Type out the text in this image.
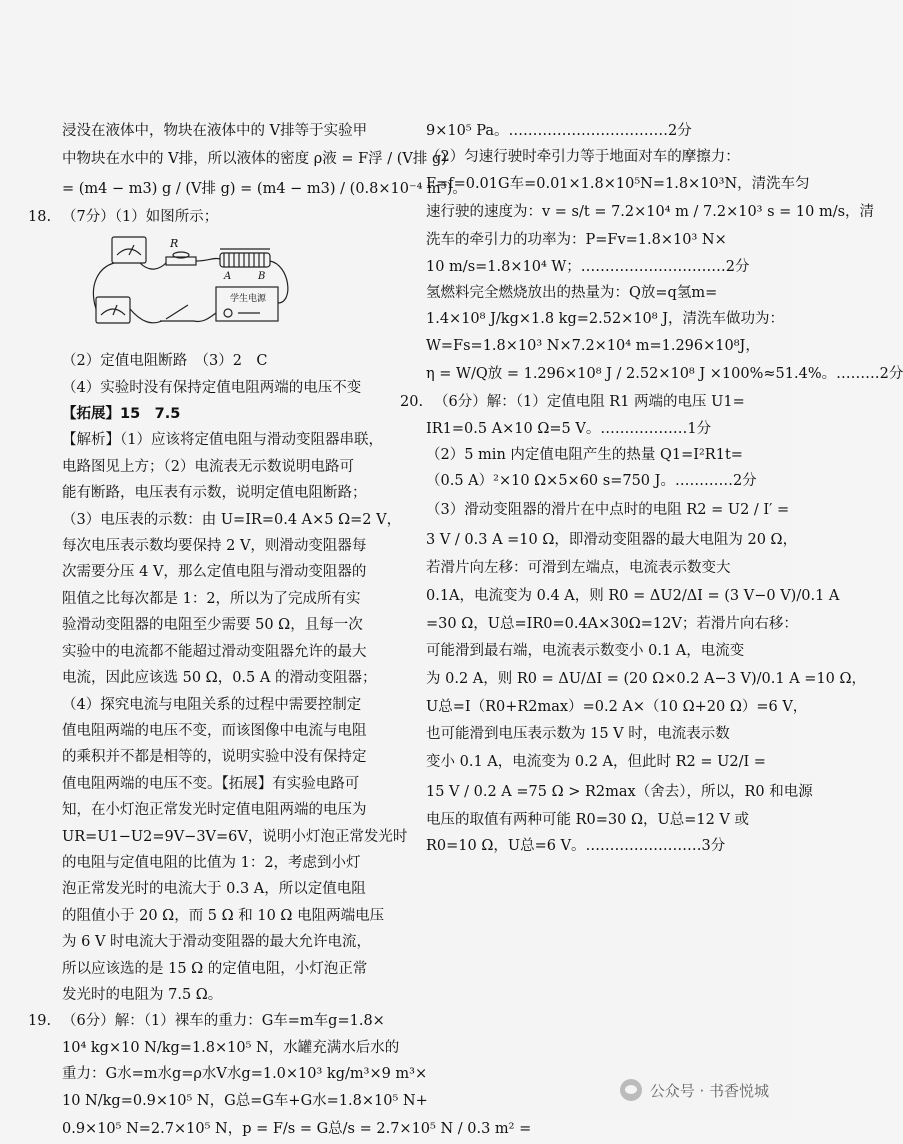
浸没在液体中，物块在液体中的 V排等于实验甲
中物块在水中的 V排，所以液体的密度 ρ液 = F浮 / (V排 g)
= (m4 − m3) g / (V排 g) = (m4 − m3) / (0.8×10⁻⁴ m³)。
18. （7分）（1）如图所示；
R
A	B
学生电源
（2）定值电阻断路　（3）2　C
（4）实验时没有保持定值电阻两端的电压不变
【拓展】15　7.5
【解析】（1）应该将定值电阻与滑动变阻器串联，
电路图见上方；（2）电流表无示数说明电路可
能有断路，电压表有示数，说明定值电阻断路；
（3）电压表的示数：由 U=IR=0.4 A×5 Ω=2 V，
每次电压表示数均要保持 2 V，则滑动变阻器每
次需要分压 4 V，那么定值电阻与滑动变阻器的
阻值之比每次都是 1：2，所以为了完成所有实
验滑动变阻器的电阻至少需要 50 Ω，且每一次
实验中的电流都不能超过滑动变阻器允许的最大
电流，因此应该选 50 Ω，0.5 A 的滑动变阻器；
（4）探究电流与电阻关系的过程中需要控制定
值电阻两端的电压不变，而该图像中电流与电阻
的乘积并不都是相等的，说明实验中没有保持定
值电阻两端的电压不变。【拓展】有实验电路可
知，在小灯泡正常发光时定值电阻两端的电压为
UR=U1−U2=9V−3V=6V，说明小灯泡正常发光时
的电阻与定值电阻的比值为 1：2，考虑到小灯
泡正常发光时的电流大于 0.3 A，所以定值电阻
的阻值小于 20 Ω，而 5 Ω 和 10 Ω 电阻两端电压
为 6 V 时电流大于滑动变阻器的最大允许电流，
所以应该选的是 15 Ω 的定值电阻，小灯泡正常
发光时的电阻为 7.5 Ω。
19. （6分）解：（1）裸车的重力：G车=m车g=1.8×
10⁴ kg×10 N/kg=1.8×10⁵ N，水罐充满水后水的
重力：G水=m水g=ρ水V水g=1.0×10³ kg/m³×9 m³×
10 N/kg=0.9×10⁵ N，G总=G车+G水=1.8×10⁵ N+
0.9×10⁵ N=2.7×10⁵ N，p = F/s = G总/s = 2.7×10⁵ N / 0.3 m² =
9×10⁵ Pa。……………………………2分
（2）匀速行驶时牵引力等于地面对车的摩擦力：
F=f=0.01G车=0.01×1.8×10⁵N=1.8×10³N，清洗车匀
速行驶的速度为：v = s/t = 7.2×10⁴ m / 7.2×10³ s = 10 m/s，清
洗车的牵引力的功率为：P=Fv=1.8×10³ N×
10 m/s=1.8×10⁴ W；…………………………2分
氢燃料完全燃烧放出的热量为：Q放=q氢m=
1.4×10⁸ J/kg×1.8 kg=2.52×10⁸ J，清洗车做功为：
W=Fs=1.8×10³ N×7.2×10⁴ m=1.296×10⁸J，
η = W/Q放 = 1.296×10⁸ J / 2.52×10⁸ J ×100%≈51.4%。………2分
20. （6分）解：（1）定值电阻 R1 两端的电压 U1=
IR1=0.5 A×10 Ω=5 V。………………1分
（2）5 min 内定值电阻产生的热量 Q1=I²R1t=
（0.5 A）²×10 Ω×5×60 s=750 J。…………2分
（3）滑动变阻器的滑片在中点时的电阻 R2 = U2 / I′ =
3 V / 0.3 A =10 Ω，即滑动变阻器的最大电阻为 20 Ω，
若滑片向左移：可滑到左端点，电流表示数变大
0.1A，电流变为 0.4 A，则 R0 = ΔU2/ΔI = (3 V−0 V)/0.1 A
=30 Ω，U总=IR0=0.4A×30Ω=12V；若滑片向右移：
可能滑到最右端，电流表示数变小 0.1 A，电流变
为 0.2 A，则 R0 = ΔU/ΔI = (20 Ω×0.2 A−3 V)/0.1 A =10 Ω，
U总=I（R0+R2max）=0.2 A×（10 Ω+20 Ω）=6 V，
也可能滑到电压表示数为 15 V 时，电流表示数
变小 0.1 A，电流变为 0.2 A，但此时 R2 = U2/I =
15 V / 0.2 A =75 Ω > R2max（舍去），所以，R0 和电源
电压的取值有两种可能 R0=30 Ω，U总=12 V 或
R0=10 Ω，U总=6 V。……………………3分
公众号 · 书香悦城
